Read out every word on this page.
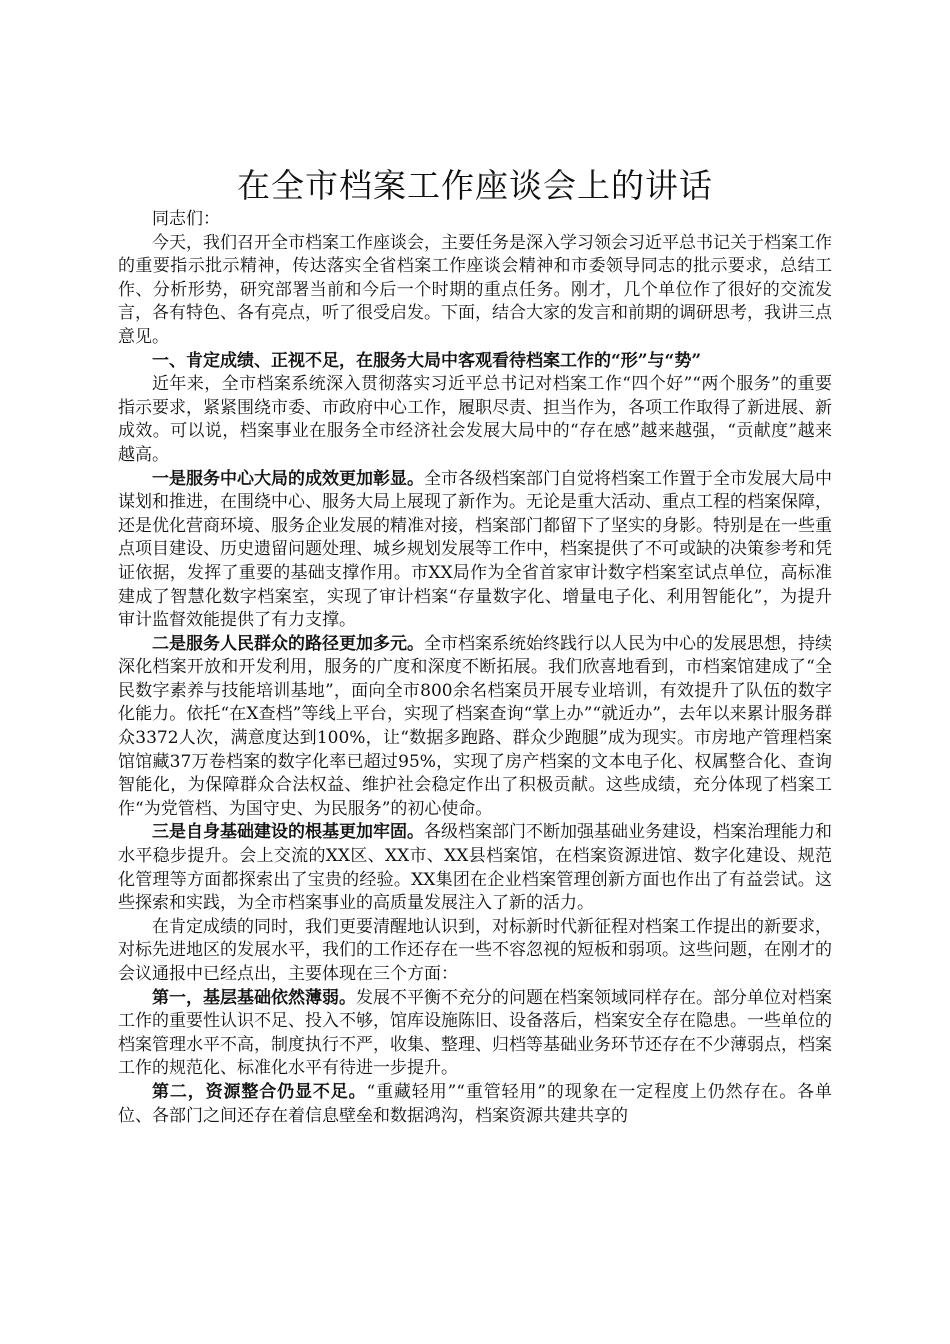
在全市档案工作座谈会上的讲话

同志们：

今天，我们召开全市档案工作座谈会，主要任务是深入学习领会习近平总书记关于档案工作的重要指示批示精神，传达落实全省档案工作座谈会精神和市委领导同志的批示要求，总结工作、分析形势，研究部署当前和今后一个时期的重点任务。刚才，几个单位作了很好的交流发言，各有特色、各有亮点，听了很受启发。下面，结合大家的发言和前期的调研思考，我讲三点意见。

一、肯定成绩、正视不足，在服务大局中客观看待档案工作的“形”与“势”

近年来，全市档案系统深入贯彻落实习近平总书记对档案工作“四个好”“两个服务”的重要指示要求，紧紧围绕市委、市政府中心工作，履职尽责、担当作为，各项工作取得了新进展、新成效。可以说，档案事业在服务全市经济社会发展大局中的“存在感”越来越强，“贡献度”越来越高。

一是服务中心大局的成效更加彰显。全市各级档案部门自觉将档案工作置于全市发展大局中谋划和推进，在围绕中心、服务大局上展现了新作为。无论是重大活动、重点工程的档案保障，还是优化营商环境、服务企业发展的精准对接，档案部门都留下了坚实的身影。特别是在一些重点项目建设、历史遗留问题处理、城乡规划发展等工作中，档案提供了不可或缺的决策参考和凭证依据，发挥了重要的基础支撑作用。市XX局作为全省首家审计数字档案室试点单位，高标准建成了智慧化数字档案室，实现了审计档案“存量数字化、增量电子化、利用智能化”，为提升审计监督效能提供了有力支撑。

二是服务人民群众的路径更加多元。全市档案系统始终践行以人民为中心的发展思想，持续深化档案开放和开发利用，服务的广度和深度不断拓展。我们欣喜地看到，市档案馆建成了“全民数字素养与技能培训基地”，面向全市800余名档案员开展专业培训，有效提升了队伍的数字化能力。依托“在X查档”等线上平台，实现了档案查询“掌上办”“就近办”，去年以来累计服务群众3372人次，满意度达到100%，让“数据多跑路、群众少跑腿”成为现实。市房地产管理档案馆馆藏37万卷档案的数字化率已超过95%，实现了房产档案的文本电子化、权属整合化、查询智能化，为保障群众合法权益、维护社会稳定作出了积极贡献。这些成绩，充分体现了档案工作“为党管档、为国守史、为民服务”的初心使命。

三是自身基础建设的根基更加牢固。各级档案部门不断加强基础业务建设，档案治理能力和水平稳步提升。会上交流的XX区、XX市、XX县档案馆，在档案资源进馆、数字化建设、规范化管理等方面都探索出了宝贵的经验。XX集团在企业档案管理创新方面也作出了有益尝试。这些探索和实践，为全市档案事业的高质量发展注入了新的活力。

在肯定成绩的同时，我们更要清醒地认识到，对标新时代新征程对档案工作提出的新要求，对标先进地区的发展水平，我们的工作还存在一些不容忽视的短板和弱项。这些问题，在刚才的会议通报中已经点出，主要体现在三个方面：

第一，基层基础依然薄弱。发展不平衡不充分的问题在档案领域同样存在。部分单位对档案工作的重要性认识不足、投入不够，馆库设施陈旧、设备落后，档案安全存在隐患。一些单位的档案管理水平不高，制度执行不严，收集、整理、归档等基础业务环节还存在不少薄弱点，档案工作的规范化、标准化水平有待进一步提升。

第二，资源整合仍显不足。“重藏轻用”“重管轻用”的现象在一定程度上仍然存在。各单位、各部门之间还存在着信息壁垒和数据鸿沟，档案资源共建共享的
